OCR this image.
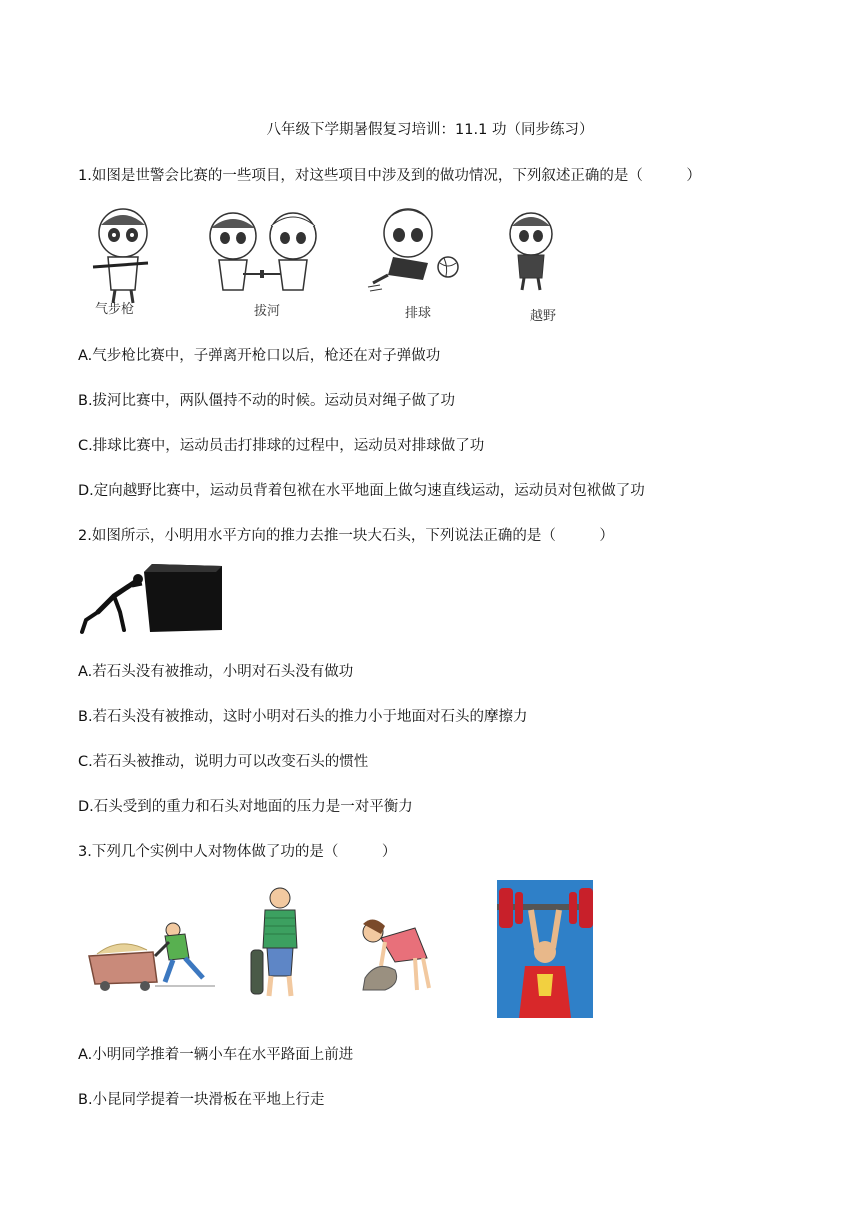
八年级下学期暑假复习培训：11.1 功（同步练习）
1.如图是世警会比赛的一些项目，对这些项目中涉及到的做功情况，下列叙述正确的是（　　　）
气步枪	拔河	排球	越野
A.气步枪比赛中，子弹离开枪口以后，枪还在对子弹做功
B.拔河比赛中，两队僵持不动的时候。运动员对绳子做了功
C.排球比赛中，运动员击打排球的过程中，运动员对排球做了功
D.定向越野比赛中，运动员背着包袱在水平地面上做匀速直线运动，运动员对包袱做了功
2.如图所示，小明用水平方向的推力去推一块大石头，下列说法正确的是（　　　）
A.若石头没有被推动，小明对石头没有做功
B.若石头没有被推动，这时小明对石头的推力小于地面对石头的摩擦力
C.若石头被推动，说明力可以改变石头的惯性
D.石头受到的重力和石头对地面的压力是一对平衡力
3.下列几个实例中人对物体做了功的是（　　　）
A.小明同学推着一辆小车在水平路面上前进
B.小昆同学提着一块滑板在平地上行走
